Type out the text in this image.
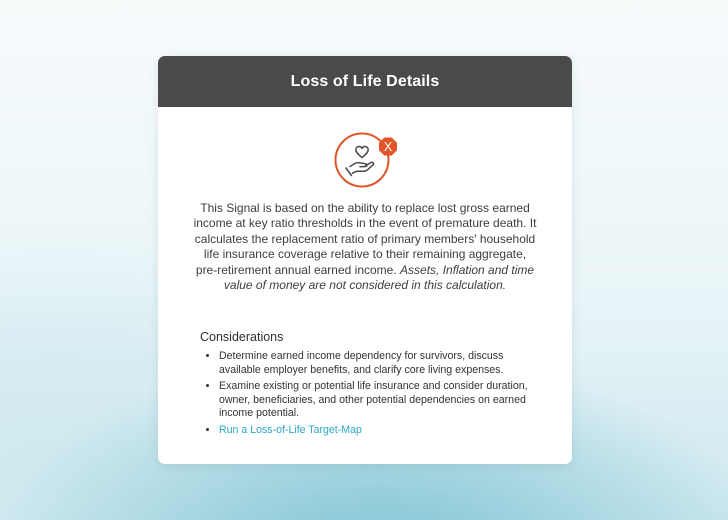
Loss of Life Details
X

This Signal is based on the ability to replace lost gross earned income at key ratio thresholds in the event of premature death. It calculates the replacement ratio of primary members' household life insurance coverage relative to their remaining aggregate, pre-retirement annual earned income. Assets, Inflation and time value of money are not considered in this calculation.

Considerations
• Determine earned income dependency for survivors, discuss available employer benefits, and clarify core living expenses.
• Examine existing or potential life insurance and consider duration, owner, beneficiaries, and other potential dependencies on earned income potential.
• Run a Loss-of-Life Target-Map
